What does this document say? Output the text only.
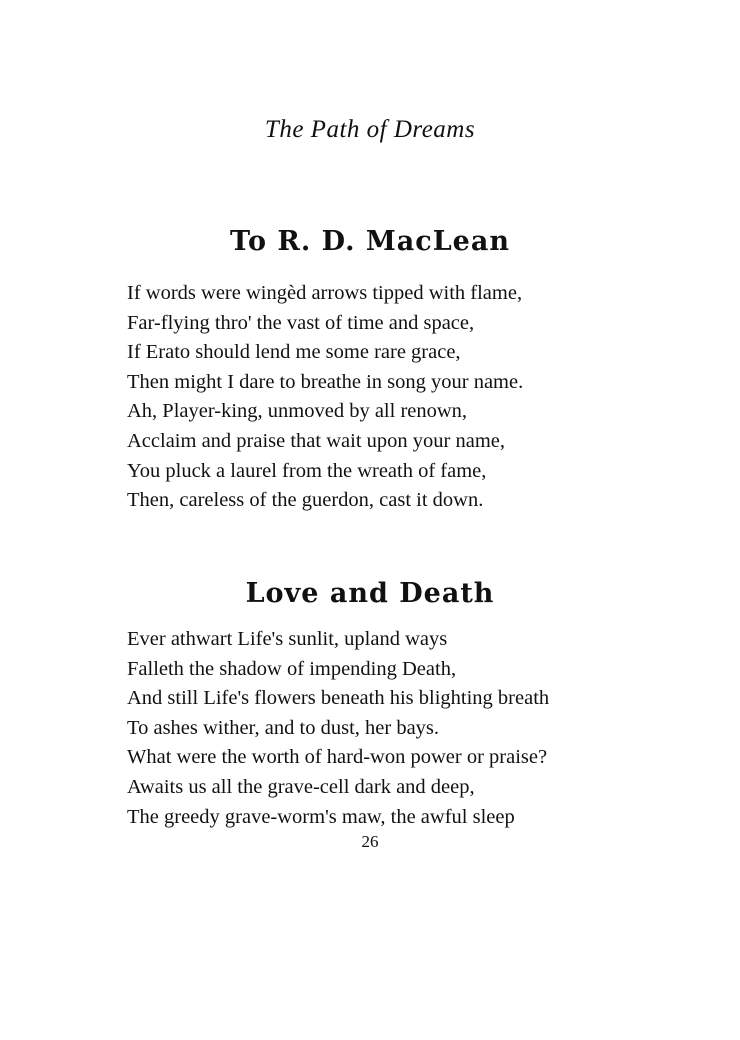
The Path of Dreams
To R. D. MacLean
If words were wingèd arrows tipped with flame,
Far-flying thro' the vast of time and space,
If Erato should lend me some rare grace,
Then might I dare to breathe in song your name.
Ah, Player-king, unmoved by all renown,
Acclaim and praise that wait upon your name,
You pluck a laurel from the wreath of fame,
Then, careless of the guerdon, cast it down.
Love and Death
Ever athwart Life's sunlit, upland ways
Falleth the shadow of impending Death,
And still Life's flowers beneath his blighting breath
To ashes wither, and to dust, her bays.
What were the worth of hard-won power or praise?
Awaits us all the grave-cell dark and deep,
The greedy grave-worm's maw, the awful sleep
26
